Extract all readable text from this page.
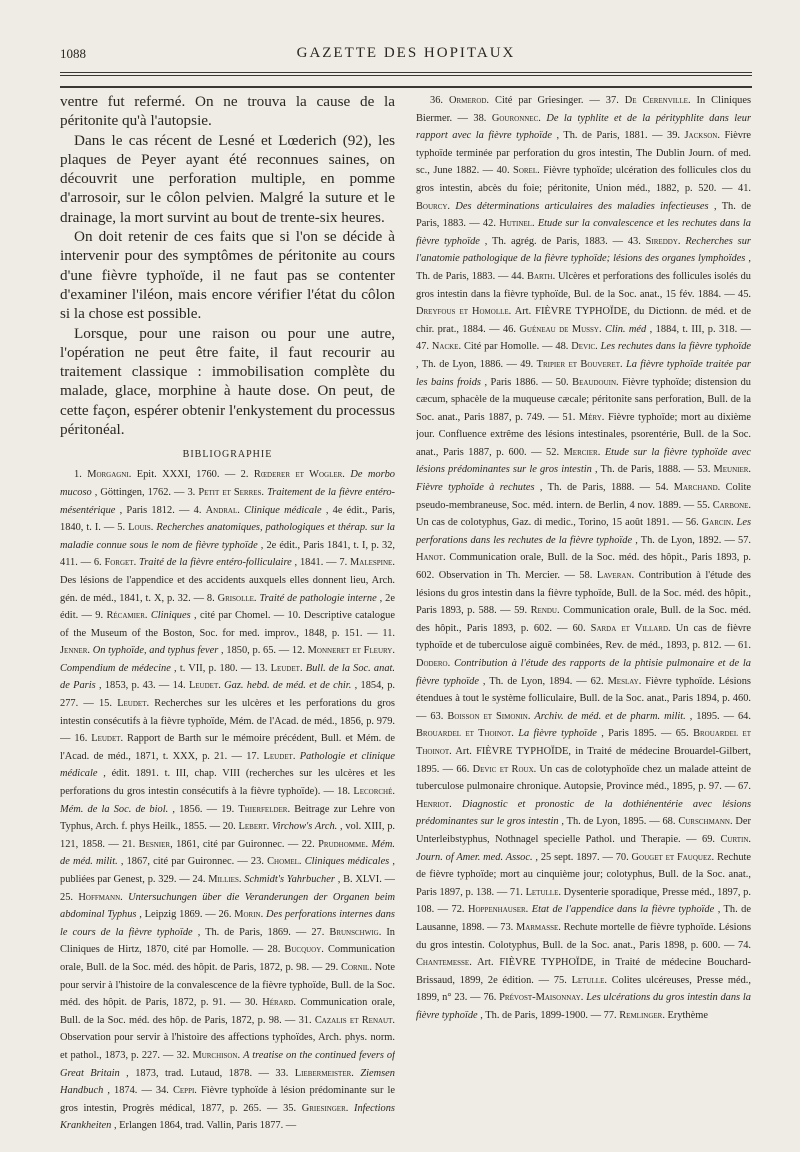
1088	GAZETTE DES HOPITAUX

ventre fut refermé. On ne trouva la cause de la péritonite qu'à l'autopsie.

Dans le cas récent de Lesné et Lœderich (92), les plaques de Peyer ayant été reconnues saines, on découvrit une perforation multiple, en pomme d'arrosoir, sur le côlon pelvien. Malgré la suture et le drainage, la mort survint au bout de trente-six heures.

On doit retenir de ces faits que si l'on se décide à intervenir pour des symptômes de péritonite au cours d'une fièvre typhoïde, il ne faut pas se contenter d'examiner l'iléon, mais encore vérifier l'état du côlon si la chose est possible.

Lorsque, pour une raison ou pour une autre, l'opération ne peut être faite, il faut recourir au traitement classique : immobilisation complète du malade, glace, morphine à haute dose. On peut, de cette façon, espérer obtenir l'enkystement du processus péritonéal.

BIBLIOGRAPHIE
1. Morgagni. Epit. XXXI, 1760. — 2. Rœderer et Wogler. De morbo mucoso , Göttingen, 1762. — 3. Petit et Serres. Traitement de la fièvre entéro-mésentérique , Paris 1812. — 4. Andral. Clinique médicale , 4e édit., Paris, 1840, t. I. — 5. Louis. Recherches anatomiques, pathologiques et thérap. sur la maladie connue sous le nom de fièvre typhoïde , 2e édit., Paris 1841, t. I, p. 32, 411. — 6. Forget. Traité de la fièvre entéro-folliculaire , 1841. — 7. Malespine. Des lésions de l'appendice et des accidents auxquels elles donnent lieu, Arch. gén. de méd., 1841, t. X, p. 32. — 8. Grisolle. Traité de pathologie interne , 2e édit. — 9. Récamier. Cliniques , cité par Chomel. — 10. Descriptive catalogue of the Museum of the Boston, Soc. for med. improv., 1848, p. 151. — 11. Jenner. On typhoïde, and typhus fever , 1850, p. 65. — 12. Monneret et Fleury. Compendium de médecine , t. VII, p. 180. — 13. Leudet. Bull. de la Soc. anat. de Paris , 1853, p. 43. — 14. Leudet. Gaz. hebd. de méd. et de chir. , 1854, p. 277. — 15. Leudet. Recherches sur les ulcères et les perforations du gros intestin consécutifs à la fièvre typhoïde, Mém. de l'Acad. de méd., 1856, p. 979. — 16. Leudet. Rapport de Barth sur le mémoire précédent, Bull. et Mém. de l'Acad. de méd., 1871, t. XXX, p. 21. — 17. Leudet. Pathologie et clinique médicale , édit. 1891. t. III, chap. VIII (recherches sur les ulcères et les perforations du gros intestin consécutifs à la fièvre typhoïde). — 18. Lecorché. Mém. de la Soc. de biol. , 1856. — 19. Thierfelder. Beitrage zur Lehre von Typhus, Arch. f. phys Heilk., 1855. — 20. Lebert. Virchow's Arch. , vol. XIII, p. 121, 1858. — 21. Besnier, 1861, cité par Guironnec. — 22. Prudhomme. Mém. de méd. milit. , 1867, cité par Guironnec. — 23. Chomel. Cliniques médicales , publiées par Genest, p. 329. — 24. Millies. Schmidt's Yahrbucher , B. XLVI. — 25. Hoffmann. Untersuchungen über die Veranderungen der Organen beim abdominal Typhus , Leipzig 1869. — 26. Morin. Des perforations internes dans le cours de la fièvre typhoïde , Th. de Paris, 1869. — 27. Brunschwig. In Cliniques de Hirtz, 1870, cité par Homolle. — 28. Bucquoy. Communication orale, Bull. de la Soc. méd. des hôpit. de Paris, 1872, p. 98. — 29. Cornil. Note pour servir à l'histoire de la convalescence de la fièvre typhoïde, Bull. de la Soc. méd. des hôpit. de Paris, 1872, p. 91. — 30. Hérard. Communication orale, Bull. de la Soc. méd. des hôp. de Paris, 1872, p. 98. — 31. Cazalis et Renaut. Observation pour servir à l'histoire des affections typhoïdes, Arch. phys. norm. et pathol., 1873, p. 227. — 32. Murchison. A treatise on the continued fevers of Great Britain , 1873, trad. Lutaud, 1878. — 33. Liebermeister. Ziemsen Handbuch , 1874. — 34. Ceppi. Fièvre typhoïde à lésion prédominante sur le gros intestin, Progrès médical, 1877, p. 265. — 35. Griesinger. Infections Krankheiten , Erlangen 1864, trad. Vallin, Paris 1877. —
36. Ormerod. Cité par Griesinger. — 37. De Cerenville. In Cliniques Biermer. — 38. Gouronnec. De la typhlite et de la pérityphlite dans leur rapport avec la fièvre typhoïde , Th. de Paris, 1881. — 39. Jackson. Fièvre typhoïde terminée par perforation du gros intestin, The Dublin Journ. of med. sc., June 1882. — 40. Sorel. Fièvre typhoïde; ulcération des follicules clos du gros intestin, abcès du foie; péritonite, Union méd., 1882, p. 520. — 41. Bourcy. Des déterminations articulaires des maladies infectieuses , Th. de Paris, 1883. — 42. Hutinel. Etude sur la convalescence et les rechutes dans la fièvre typhoïde , Th. agrég. de Paris, 1883. — 43. Sireddy. Recherches sur l'anatomie pathologique de la fièvre typhoïde; lésions des organes lymphoïdes , Th. de Paris, 1883. — 44. Barth. Ulcères et perforations des follicules isolés du gros intestin dans la fièvre typhoïde, Bul. de la Soc. anat., 15 fév. 1884. — 45. Dreyfous et Homolle. Art. FIÈVRE TYPHOÏDE, du Dictionn. de méd. et de chir. prat., 1884. — 46. Guéneau de Mussy. Clin. méd , 1884, t. III, p. 318. — 47. Nacke. Cité par Homolle. — 48. Devic. Les rechutes dans la fièvre typhoïde , Th. de Lyon, 1886. — 49. Tripier et Bouveret. La fièvre typhoïde traitée par les bains froids , Paris 1886. — 50. Beaudouin. Fièvre typhoïde; distension du cæcum, sphacèle de la muqueuse cæcale; péritonite sans perforation, Bull. de la Soc. anat., Paris 1887, p. 749. — 51. Méry. Fièvre typhoïde; mort au dixième jour. Confluence extrême des lésions intestinales, psorentérie, Bull. de la Soc. anat., Paris 1887, p. 600. — 52. Mercier. Etude sur la fièvre typhoïde avec lésions prédominantes sur le gros intestin , Th. de Paris, 1888. — 53. Meunier. Fièvre typhoïde à rechutes , Th. de Paris, 1888. — 54. Marchand. Colite pseudo-membraneuse, Soc. méd. intern. de Berlin, 4 nov. 1889. — 55. Carbone. Un cas de colotyphus, Gaz. di medic., Torino, 15 août 1891. — 56. Garcin. Les perforations dans les rechutes de la fièvre typhoïde , Th. de Lyon, 1892. — 57. Hanot. Communication orale, Bull. de la Soc. méd. des hôpit., Paris 1893, p. 602. Observation in Th. Mercier. — 58. Laveran. Contribution à l'étude des lésions du gros intestin dans la fièvre typhoïde, Bull. de la Soc. méd. des hôpit., Paris 1893, p. 588. — 59. Rendu. Communication orale, Bull. de la Soc. méd. des hôpit., Paris 1893, p. 602. — 60. Sarda et Villard. Un cas de fièvre typhoïde et de tuberculose aiguë combinées, Rev. de méd., 1893, p. 812. — 61. Dodero. Contribution à l'étude des rapports de la phtisie pulmonaire et de la fièvre typhoïde , Th. de Lyon, 1894. — 62. Meslay. Fièvre typhoïde. Lésions étendues à tout le système folliculaire, Bull. de la Soc. anat., Paris 1894, p. 460. — 63. Boisson et Simonin. Archiv. de méd. et de pharm. milit. , 1895. — 64. Brouardel et Thoinot. La fièvre typhoïde , Paris 1895. — 65. Brouardel et Thoinot. Art. FIÈVRE TYPHOÏDE, in Traité de médecine Brouardel-Gilbert, 1895. — 66. Devic et Roux. Un cas de colotyphoïde chez un malade atteint de tuberculose pulmonaire chronique. Autopsie, Province méd., 1895, p. 97. — 67. Henriot. Diagnostic et pronostic de la dothiénentérie avec lésions prédominantes sur le gros intestin , Th. de Lyon, 1895. — 68. Curschmann. Der Unterleibstyphus, Nothnagel specielle Pathol. und Therapie. — 69. Curtin. Journ. of Amer. med. Assoc. , 25 sept. 1897. — 70. Gouget et Fauquez. Rechute de fièvre typhoïde; mort au cinquième jour; colotyphus, Bull. de la Soc. anat., Paris 1897, p. 138. — 71. Letulle. Dysenterie sporadique, Presse méd., 1897, p. 108. — 72. Hoppenhauser. Etat de l'appendice dans la fièvre typhoïde , Th. de Lausanne, 1898. — 73. Marmasse. Rechute mortelle de fièvre typhoïde. Lésions du gros intestin. Colotyphus, Bull. de la Soc. anat., Paris 1898, p. 600. — 74. Chantemesse. Art. FIÈVRE TYPHOÏDE, in Traité de médecine Bouchard-Brissaud, 1899, 2e édition. — 75. Letulle. Colites ulcéreuses, Presse méd., 1899, n° 23. — 76. Prévost-Maisonnay. Les ulcérations du gros intestin dans la fièvre typhoïde , Th. de Paris, 1899-1900. — 77. Remlinger. Erythème
